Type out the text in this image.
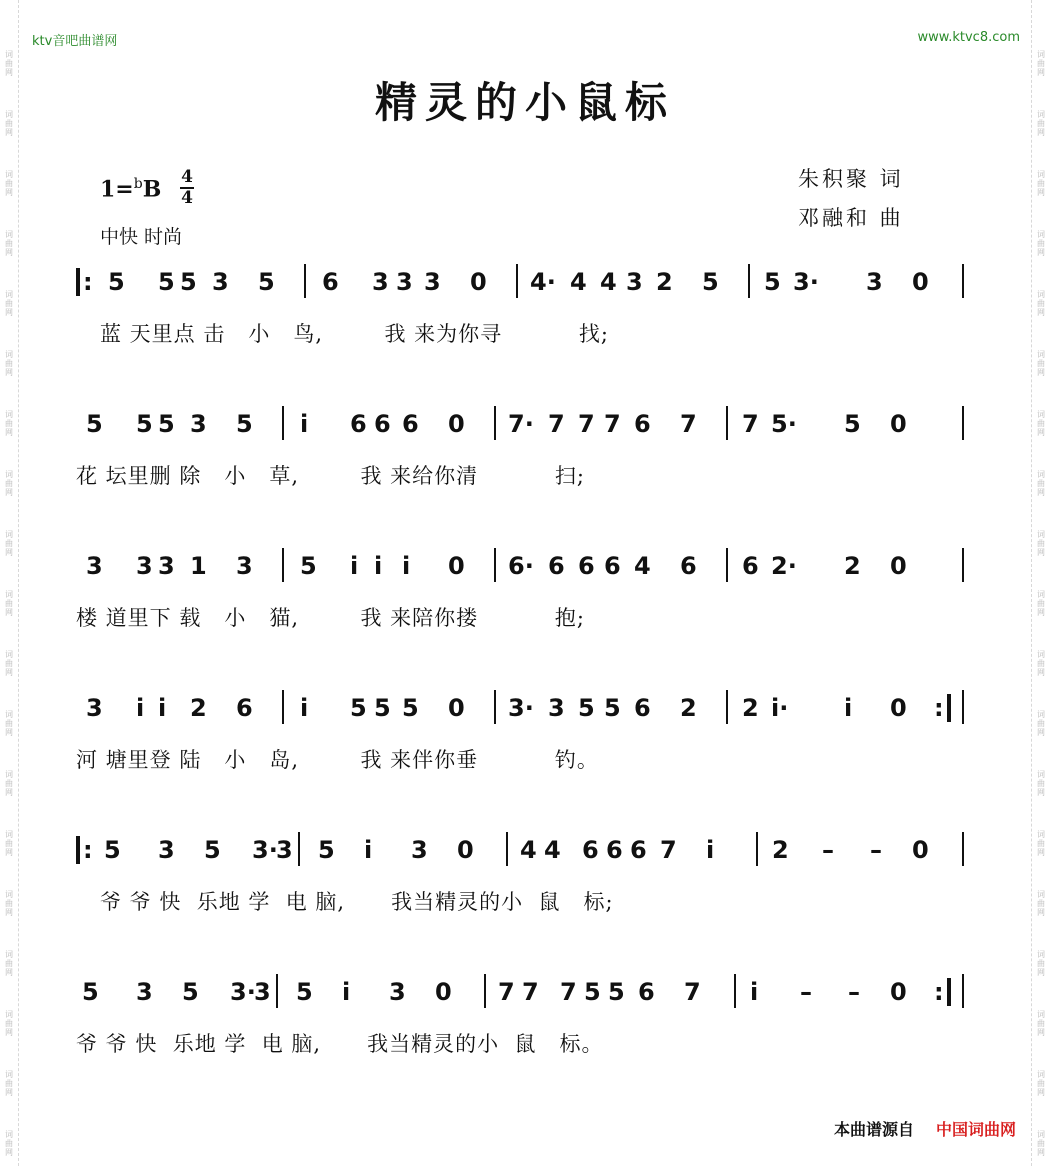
词
曲
网
词
曲
网
词
曲
网
词
曲
网
词
曲
网
词
曲
网
词
曲
网
词
曲
网
词
曲
网
词
曲
网
词
曲
网
词
曲
网
词
曲
网
词
曲
网
词
曲
网
词
曲
网
词
曲
网
词
曲
网
词
曲
网
词
曲
网
词
曲
网
词
曲
网
词
曲
网
词
曲
网
词
曲
网
词
曲
网
词
曲
网
词
曲
网
词
曲
网
词
曲
网
词
曲
网
词
曲
网
词
曲
网
词
曲
网
词
曲
网
词
曲
网
词
曲
网
词
曲
网
ktv音吧曲谱网	www.ktvc8.com
精灵的小鼠标
1=$^b$B 4
4
中快 时尚
朱积聚 词
邓融和 曲
5 5 5 3 5 6 3 3 3 0 4· 4 4 3 2 5 5 3· 3 0
:
蓝 天里点 击   小   鸟,        我 来为你寻          找;
5 5 5 3 5 i 6 6 6 0 7· 7 7 7 6 7 7 5· 5 0
花 坛里删 除   小   草,        我 来给你清          扫;
3 3 3 1 3 5 i i i 0 6· 6 6 6 4 6 6 2· 2 0
楼 道里下 载   小   猫,        我 来陪你搂          抱;
3 i i 2 6 i 5 5 5 0 3· 3 5 5 6 2 2 i· i 0 :
河 塘里登 陆   小   岛,        我 来伴你垂          钓。
5 3 5 3·
3 5 i 3 0 4 4 6 6 6 7 i 2 – – 0
:
爷 爷 快  乐地 学  电 脑,      我当精灵的小  鼠   标;
5 3 5 3·
3 5 i 3 0 7 7 7 5 5 6 7 i – – 0 :
爷 爷 快  乐地 学  电 脑,      我当精灵的小  鼠   标。
本曲谱源自 中国词曲网
